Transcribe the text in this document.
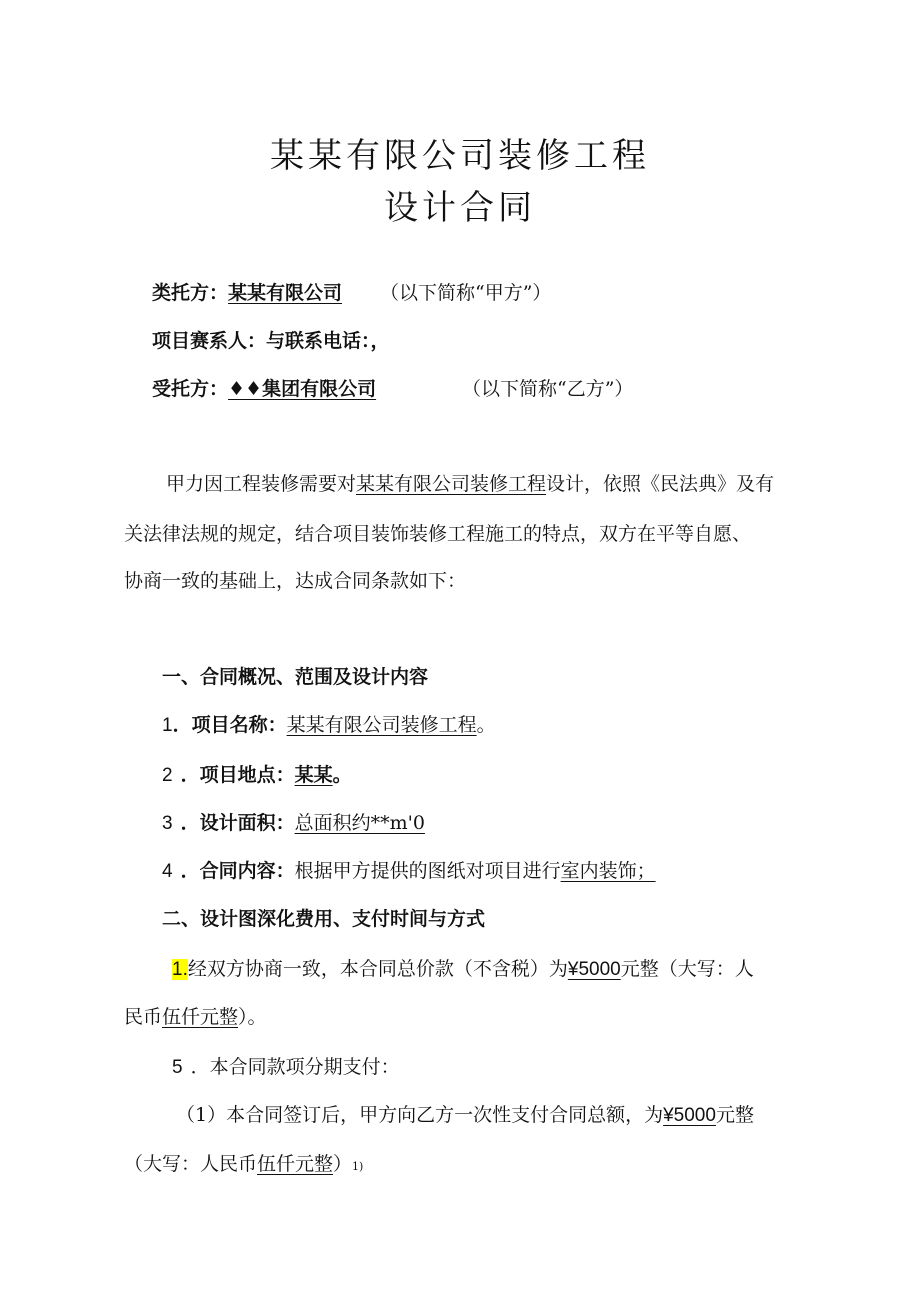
某某有限公司装修工程
设计合同
类托方：某某有限公司 （以下简称“甲方”）
项目赛系人：与联系电话：，
受托方：♦♦集团有限公司	（以下简称“乙方”）
甲力因工程装修需要对某某有限公司装修工程设计，依照《民法典》及有
关法律法规的规定，结合项目装饰装修工程施工的特点，双方在平等自愿、
协商一致的基础上，达成合同条款如下：
一、合同概况、范围及设计内容
1．项目名称：某某有限公司装修工程。
2 ．项目地点：某某。
3 ．设计面积：总面积约**m'0
4 ．合同内容：根据甲方提供的图纸对项目进行室内装饰；
二、设计图深化费用、支付时间与方式
1.经双方协商一致，本合同总价款（不含税）为¥5000元整（大写：人
民币伍仟元整）。
5 ．本合同款项分期支付：
（1）本合同签订后，甲方向乙方一次性支付合同总额，为¥5000元整
（大写：人民币伍仟元整）1)
